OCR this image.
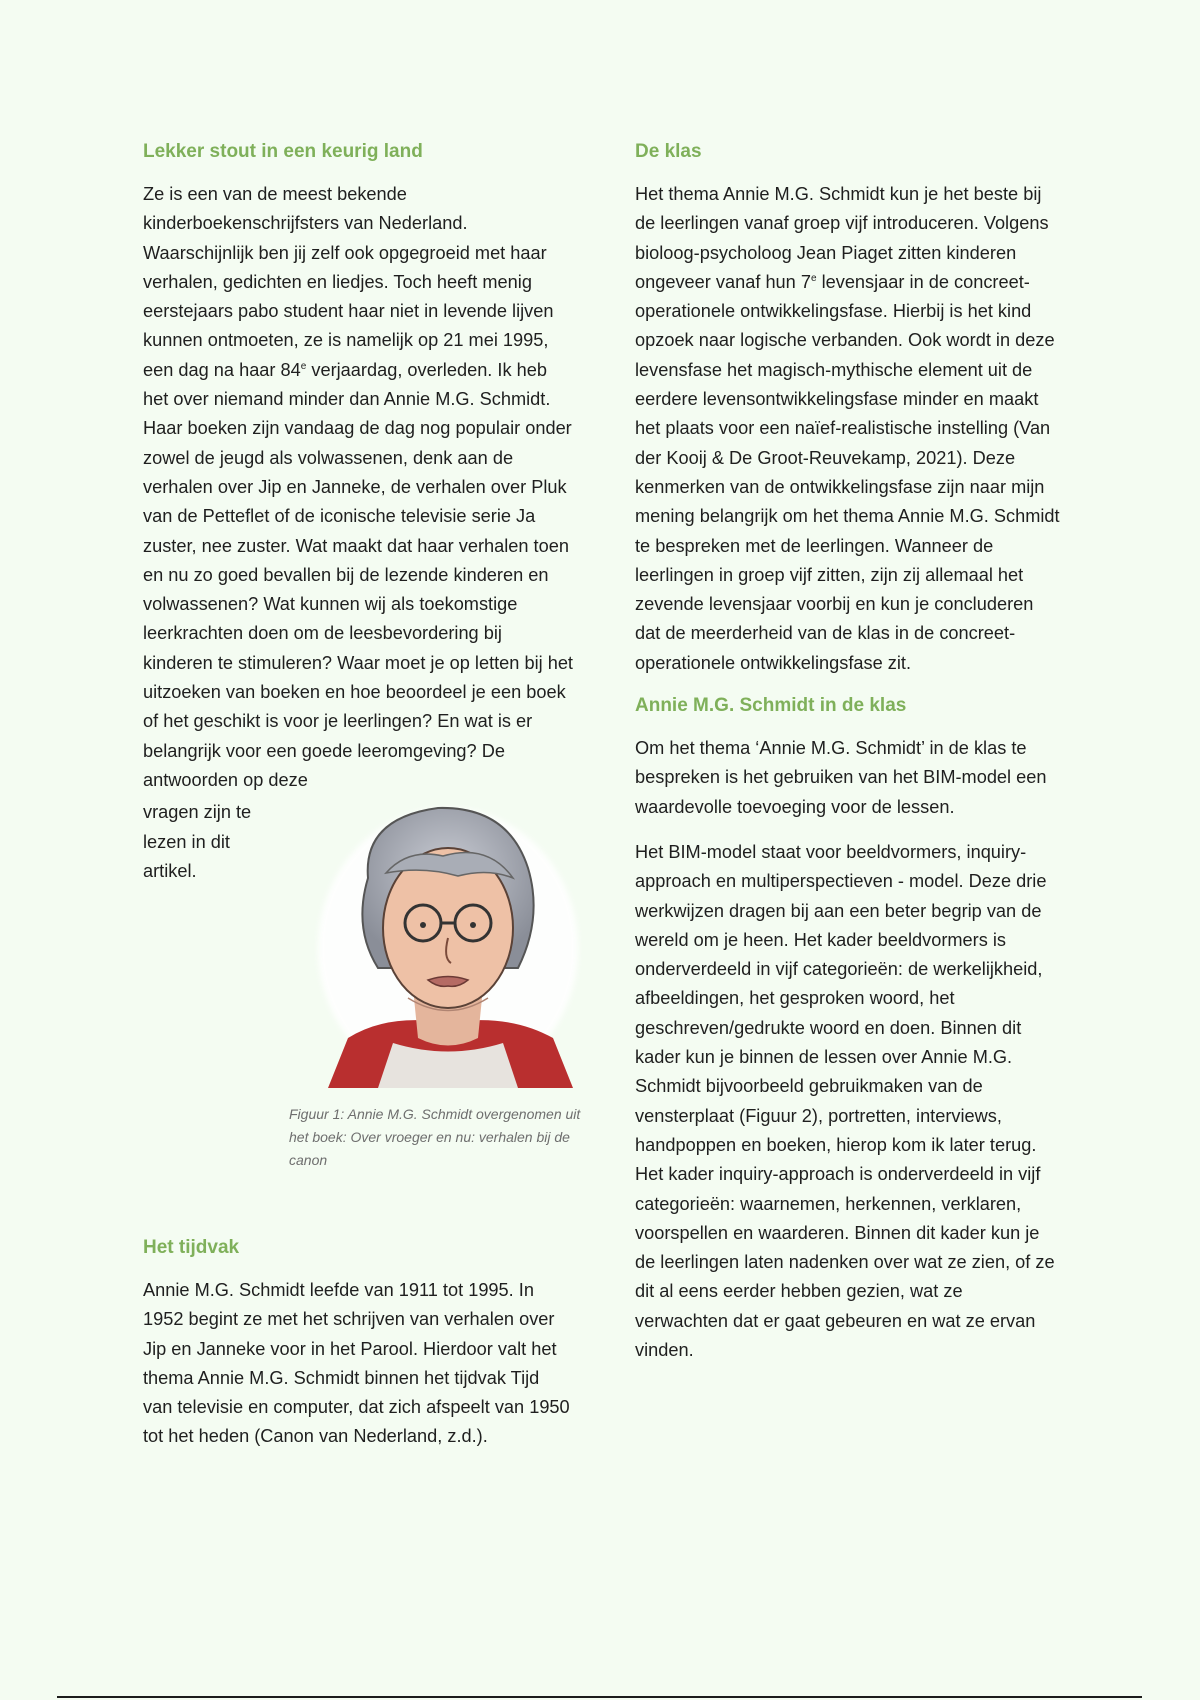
Lekker stout in een keurig land

Ze is een van de meest bekende kinderboekenschrijfsters van Nederland. Waarschijnlijk ben jij zelf ook opgegroeid met haar verhalen, gedichten en liedjes. Toch heeft menig eerstejaars pabo student haar niet in levende lijven kunnen ontmoeten, ze is namelijk op 21 mei 1995, een dag na haar 84e verjaardag, overleden. Ik heb het over niemand minder dan Annie M.G. Schmidt. Haar boeken zijn vandaag de dag nog populair onder zowel de jeugd als volwassenen, denk aan de verhalen over Jip en Janneke, de verhalen over Pluk van de Petteflet of de iconische televisie serie Ja zuster, nee zuster. Wat maakt dat haar verhalen toen en nu zo goed bevallen bij de lezende kinderen en volwassenen? Wat kunnen wij als toekomstige leerkrachten doen om de leesbevordering bij kinderen te stimuleren? Waar moet je op letten bij het uitzoeken van boeken en hoe beoordeel je een boek of het geschikt is voor je leerlingen? En wat is er belangrijk voor een goede leeromgeving? De antwoorden op deze

vragen zijn te lezen in dit artikel.

Figuur 1: Annie M.G. Schmidt overgenomen uit het boek: Over vroeger en nu: verhalen bij de canon
Het tijdvak

Annie M.G. Schmidt leefde van 1911 tot 1995. In 1952 begint ze met het schrijven van verhalen over Jip en Janneke voor in het Parool. Hierdoor valt het thema Annie M.G. Schmidt binnen het tijdvak Tijd van televisie en computer, dat zich afspeelt van 1950 tot het heden (Canon van Nederland, z.d.).

De klas

Het thema Annie M.G. Schmidt kun je het beste bij de leerlingen vanaf groep vijf introduceren. Volgens bioloog-psycholoog Jean Piaget zitten kinderen ongeveer vanaf hun 7e levensjaar in de concreet-operationele ontwikkelingsfase. Hierbij is het kind opzoek naar logische verbanden. Ook wordt in deze levensfase het magisch-mythische element uit de eerdere levensontwikkelingsfase minder en maakt het plaats voor een naïef-realistische instelling (Van der Kooij & De Groot-Reuvekamp, 2021). Deze kenmerken van de ontwikkelingsfase zijn naar mijn mening belangrijk om het thema Annie M.G. Schmidt te bespreken met de leerlingen. Wanneer de leerlingen in groep vijf zitten, zijn zij allemaal het zevende levensjaar voorbij en kun je concluderen dat de meerderheid van de klas in de concreet-operationele ontwikkelingsfase zit.

Annie M.G. Schmidt in de klas

Om het thema ‘Annie M.G. Schmidt’ in de klas te bespreken is het gebruiken van het BIM-model een waardevolle toevoeging voor de lessen.

Het BIM-model staat voor beeldvormers, inquiry-approach en multiperspectieven - model. Deze drie werkwijzen dragen bij aan een beter begrip van de wereld om je heen. Het kader beeldvormers is onderverdeeld in vijf categorieën: de werkelijkheid, afbeeldingen, het gesproken woord, het geschreven/gedrukte woord en doen. Binnen dit kader kun je binnen de lessen over Annie M.G. Schmidt bijvoorbeeld gebruikmaken van de vensterplaat (Figuur 2), portretten, interviews, handpoppen en boeken, hierop kom ik later terug.

Het kader inquiry-approach is onderverdeeld in vijf categorieën: waarnemen, herkennen, verklaren, voorspellen en waarderen. Binnen dit kader kun je de leerlingen laten nadenken over wat ze zien, of ze dit al eens eerder hebben gezien, wat ze verwachten dat er gaat gebeuren en wat ze ervan vinden.
